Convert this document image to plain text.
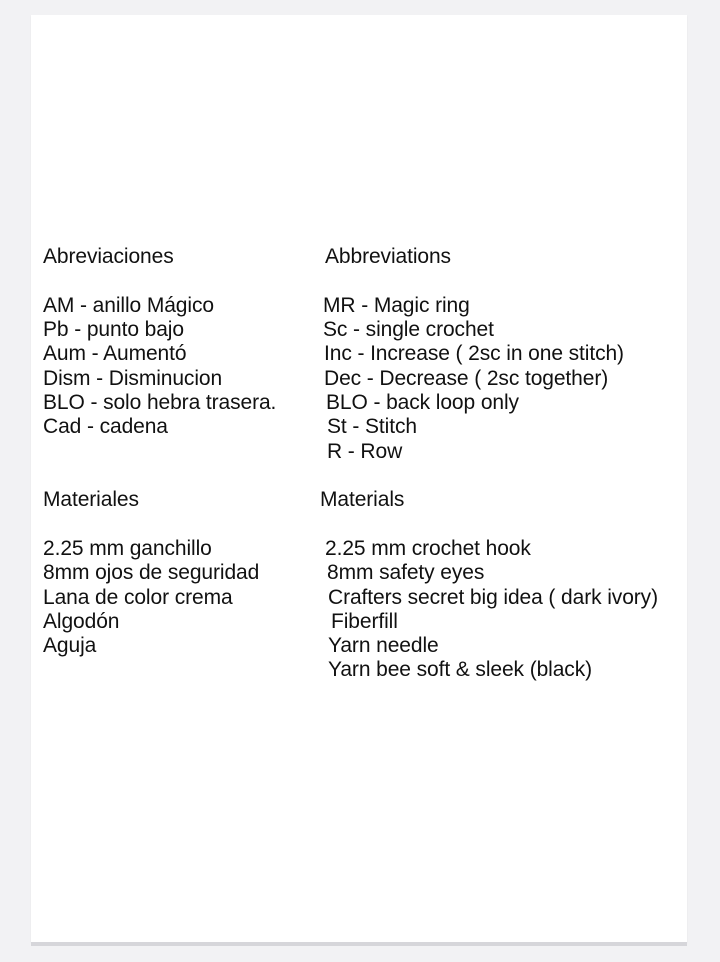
Abreviaciones
AM - anillo Mágico
Pb - punto bajo
Aum - Aumentó
Dism - Disminucion
BLO - solo hebra trasera.
Cad - cadena
Materiales
2.25 mm ganchillo
8mm ojos de seguridad
Lana de color crema
Algodón
Aguja
Abbreviations
MR - Magic ring
Sc - single crochet
Inc - Increase ( 2sc in one stitch)
Dec - Decrease ( 2sc together)
BLO - back loop only
St - Stitch
R - Row
Materials
2.25 mm crochet hook
8mm safety eyes
Crafters secret big idea ( dark ivory)
Fiberfill
Yarn needle
Yarn bee soft & sleek (black)
